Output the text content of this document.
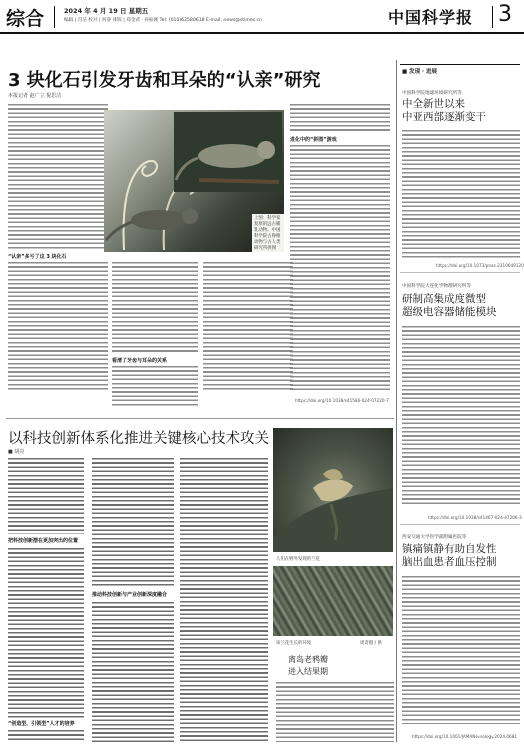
综合	2024 年 4 月 19 日 星期五
编辑 | 肖洁 校对 | 何睿 排版 | 郑金武 · 孙振刚 Tel: (010)62580618 E-mail: news@stimes.cn	中国科学报 3
3 块化石引发牙齿和耳朵的“认亲”研究
本报记者 赵广立 倪思洁
“认亲”多亏了这 3 块化石
上图：科学家复原的远古哺乳动物。中国科学院古脊椎动物与古人类研究所供图
看清了牙齿与耳朵的关系
https://doi.org/10.1038/s41586-024-07220-7
进化中的“拼图”游戏
以科技创新体系化推进关键核心技术攻关
■ 胡亮
把科技创新摆在更加突出的位置
“创造型、引领型”人才的培养
推动科技创新与产业创新深度融合
人们在野外发现的兰花
该兰花生长的环境	周奇摄 / 供
离岛老鸦瓣
进入结果期
■ 发现 · 进展
中国科学院地球环境研究所等
中全新世以来
中亚西部逐渐变干
https://doi.org/10.1073/pnas.2310649120
中国科学院大连化学物理研究所等
研制高集成度微型
超级电容器储能模块
https://doi.org/10.1038/s41467-024-47206-3
西安交通大学医学部附属医院等
镇痛镇静有助自发性
脑出血患者血压控制
https://doi.org/10.1001/JAMANeurology.2024.0681
